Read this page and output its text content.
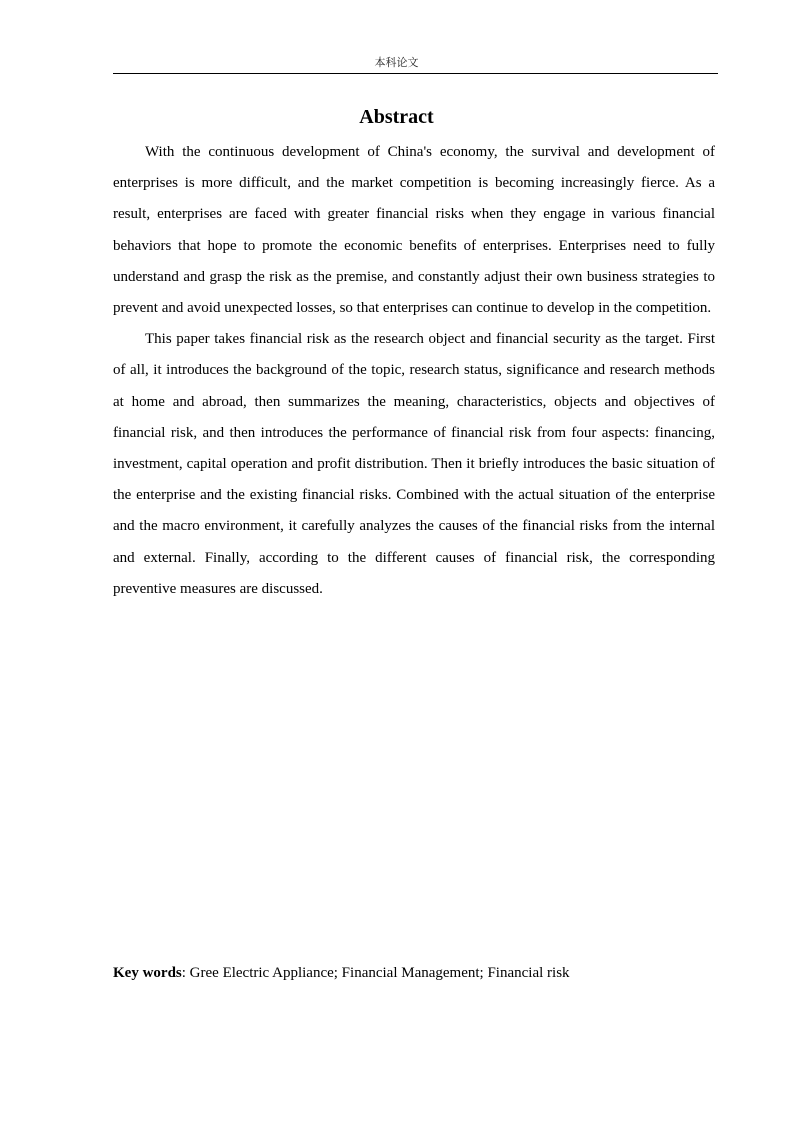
本科论文
Abstract

With the continuous development of China's economy, the survival and development of enterprises is more difficult, and the market competition is becoming increasingly fierce. As a result, enterprises are faced with greater financial risks when they engage in various financial behaviors that hope to promote the economic benefits of enterprises. Enterprises need to fully understand and grasp the risk as the premise, and constantly adjust their own business strategies to prevent and avoid unexpected losses, so that enterprises can continue to develop in the competition.

This paper takes financial risk as the research object and financial security as the target. First of all, it introduces the background of the topic, research status, significance and research methods at home and abroad, then summarizes the meaning, characteristics, objects and objectives of financial risk, and then introduces the performance of financial risk from four aspects: financing, investment, capital operation and profit distribution. Then it briefly introduces the basic situation of the enterprise and the existing financial risks. Combined with the actual situation of the enterprise and the macro environment, it carefully analyzes the causes of the financial risks from the internal and external. Finally, according to the different causes of financial risk, the corresponding preventive measures are discussed.

Key words: Gree Electric Appliance; Financial Management; Financial risk
